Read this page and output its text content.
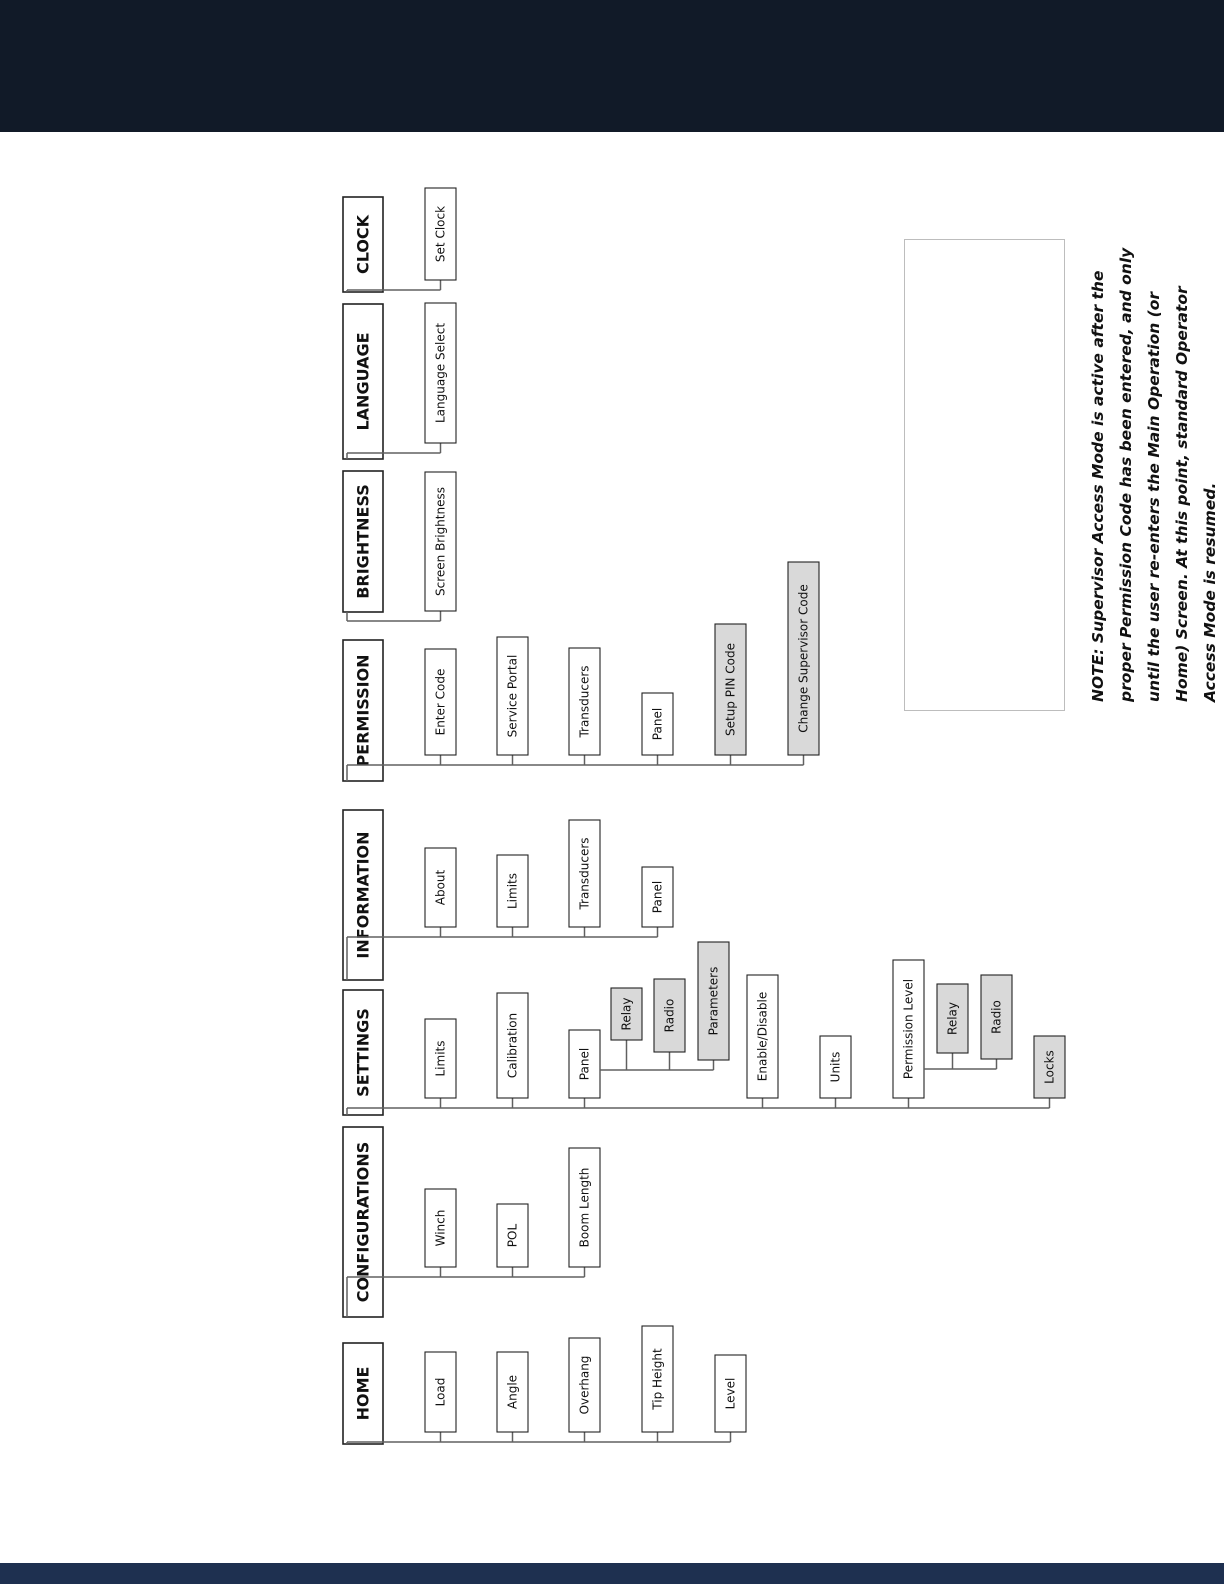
HOME	Load	Angle	Overhang	Tip Height	Level
CONFIGURATIONS	Winch	POL	Boom Length
SETTINGS	Limits	Calibration	Panel
Relay Radio	Parameters	Enable/Disable	Units	Permission Level	Relay	Radio
Locks
INFORMATION	About	Limits	Transducers	Panel
PERMISSION	Enter Code	Service Portal	Transducers	Panel	Setup PIN Code	Change Supervisor Code
BRIGHTNESS	Screen Brightness
LANGUAGE	Language Select
CLOCK	Set Clock
NOTE: Supervisor Access Mode is active after the proper Permission Code has been entered, and only until the user re-enters the Main Operation (or Home) Screen. At this point, standard Operator Access Mode is resumed.
